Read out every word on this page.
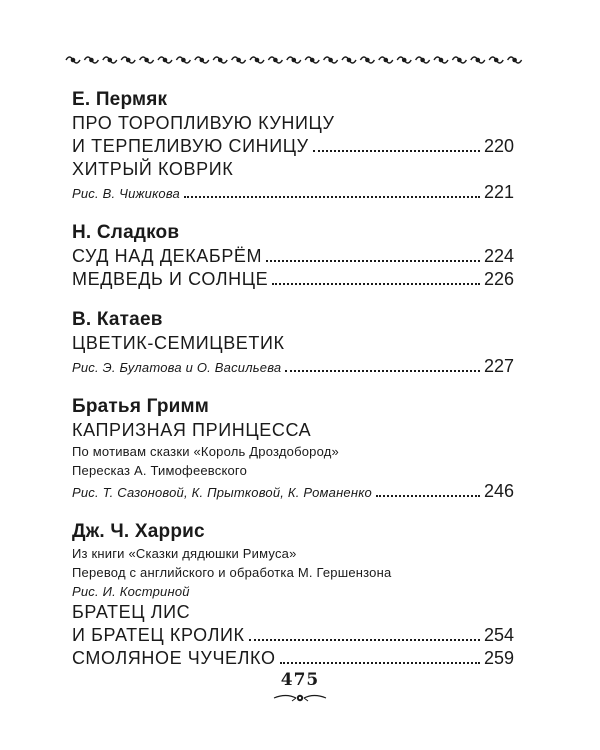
Е. Пермяк
ПРО ТОРОПЛИВУЮ КУНИЦУ
И ТЕРПЕЛИВУЮ СИНИЦУ	220
ХИТРЫЙ КОВРИК
Рис. В. Чижикова	221
Н. Сладков
СУД НАД ДЕКАБРЁМ	224
МЕДВЕДЬ И СОЛНЦЕ	226
В. Катаев
ЦВЕТИК-СЕМИЦВЕТИК
Рис. Э. Булатова и О. Васильева	227
Братья Гримм
КАПРИЗНАЯ ПРИНЦЕССА
По мотивам сказки «Король Дроздобород»
Пересказ А. Тимофеевского
Рис. Т. Сазоновой, К. Прытковой, К. Романенко	246
Дж. Ч. Харрис
Из книги «Сказки дядюшки Римуса»
Перевод с английского и обработка М. Гершензона
Рис. И. Костриной
БРАТЕЦ ЛИС
И БРАТЕЦ КРОЛИК	254
СМОЛЯНОЕ ЧУЧЕЛКО	259
475
